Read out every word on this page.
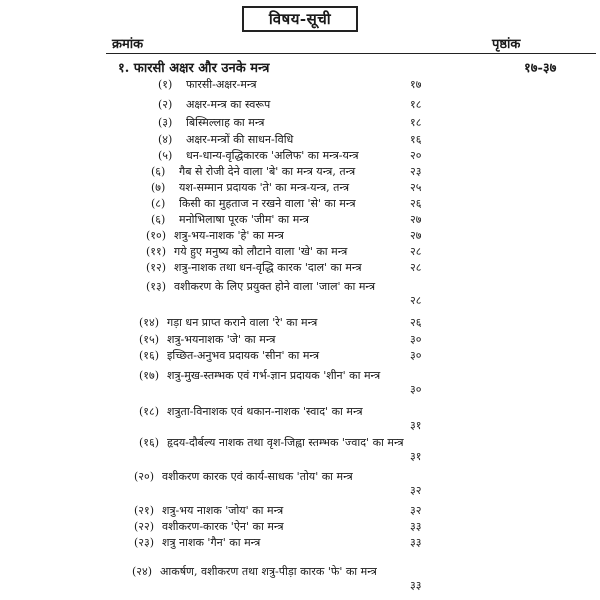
विषय-सूची
क्रमांक	पृष्ठांक
१. फारसी अक्षर और उनके मन्त्र	१७-३७
(१) फारसी-अक्षर-मन्त्र	१७
(२) अक्षर-मन्त्र का स्वरूप	१८
(३) बिस्मिल्लाह का मन्त्र	१८
(४) अक्षर-मन्त्रों की साधन-विधि	१६
(५) धन-धान्य-वृद्धिकारक 'अलिफ' का मन्त्र-यन्त्र	२०
(६) गैब से रोजी देने वाला 'बे' का मन्त्र यन्त्र, तन्त्र	२३
(७) यश-सम्मान प्रदायक 'ते' का मन्त्र-यन्त्र, तन्त्र	२५
(८) किसी का मुहताज न रखने वाला 'से' का मन्त्र	२६
(६) मनोभिलाषा पूरक 'जीम' का मन्त्र	२७
(१०) शत्रु-भय-नाशक 'हे' का मन्त्र	२७
(११) गये हुए मनुष्य को लौटाने वाला 'खे' का मन्त्र	२८
(१२) शत्रु-नाशक तथा धन-वृद्धि कारक 'दाल' का मन्त्र	२८
(१३) वशीकरण के लिए प्रयुक्त होने वाला 'जाल' का मन्त्र
२८
(१४) गड़ा धन प्राप्त कराने वाला 'रे' का मन्त्र	२६
(१५) शत्रु-भयनाशक 'जे' का मन्त्र	३०
(१६) इच्छित-अनुभव प्रदायक 'सीन' का मन्त्र	३०
(१७) शत्रु-मुख-स्तम्भक एवं गर्भ-ज्ञान प्रदायक 'शीन' का मन्त्र
३०
(१८) शत्रुता-विनाशक एवं थकान-नाशक 'स्वाद' का मन्त्र
३१
(१६) हृदय-दौर्बल्य नाशक तथा वृश-जिह्वा स्तम्भक 'ज्वाद' का मन्त्र
३१
(२०) वशीकरण कारक एवं कार्य-साधक 'तोय' का मन्त्र
३२
(२१) शत्रु-भय नाशक 'जोय' का मन्त्र	३२
(२२) वशीकरण-कारक 'ऐन' का मन्त्र	३३
(२३) शत्रु नाशक 'गैन' का मन्त्र	३३
(२४) आकर्षण, वशीकरण तथा शत्रु-पीड़ा कारक 'फे' का मन्त्र
३३
